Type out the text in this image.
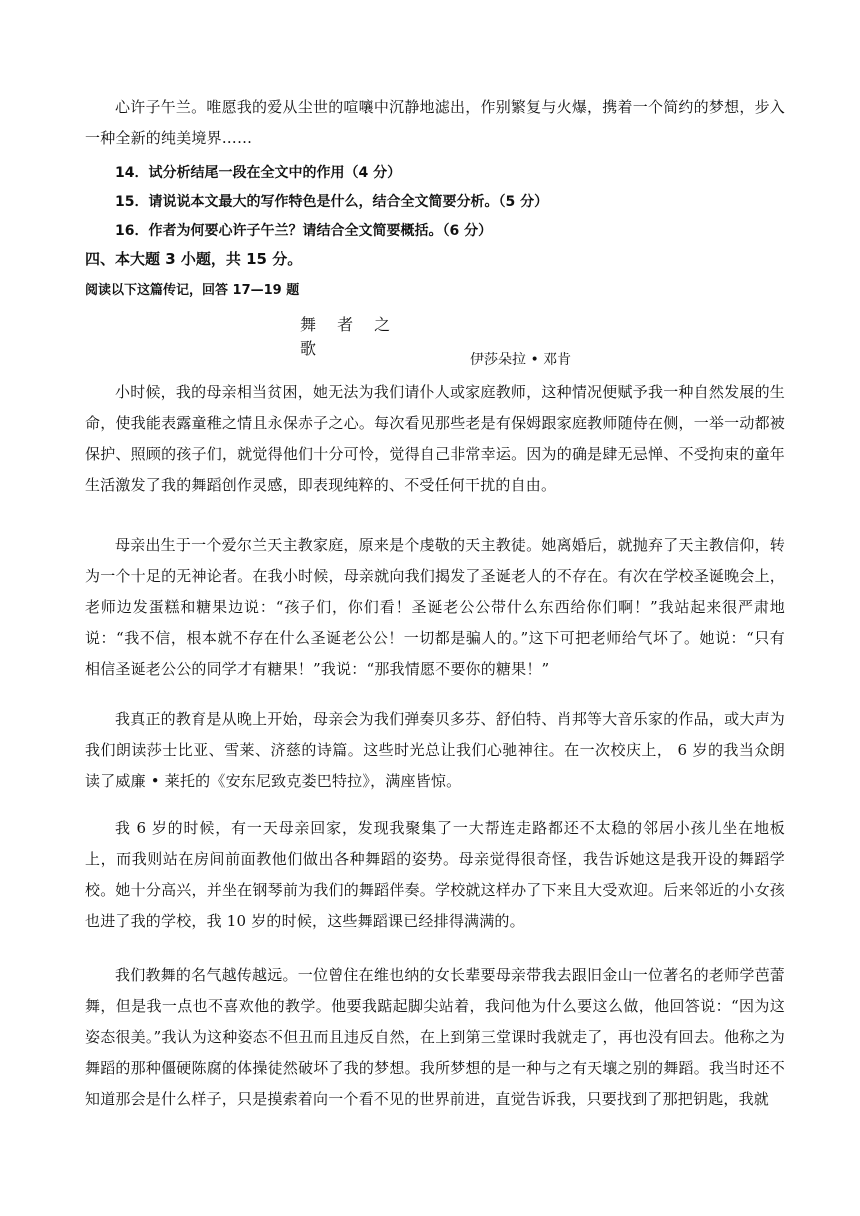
心许子午兰。唯愿我的爱从尘世的喧嚷中沉静地滤出，作别繁复与火爆，携着一个简约的梦想，步入一种全新的纯美境界……

14．试分析结尾一段在全文中的作用（4 分）

15．请说说本文最大的写作特色是什么，结合全文简要分析。（5 分）

16．作者为何要心许子午兰？请结合全文简要概括。（6 分）

四、本大题 3 小题，共 15 分。

阅读以下这篇传记，回答 17—19 题

舞 者 之 歌
伊莎朵拉 • 邓肯

小时候，我的母亲相当贫困，她无法为我们请仆人或家庭教师，这种情况便赋予我一种自然发展的生命，使我能表露童稚之情且永保赤子之心。每次看见那些老是有保姆跟家庭教师随侍在侧，一举一动都被保护、照顾的孩子们，就觉得他们十分可怜，觉得自己非常幸运。因为的确是肆无忌惮、不受拘束的童年生活激发了我的舞蹈创作灵感，即表现纯粹的、不受任何干扰的自由。

母亲出生于一个爱尔兰天主教家庭，原来是个虔敬的天主教徒。她离婚后，就抛弃了天主教信仰，转为一个十足的无神论者。在我小时候，母亲就向我们揭发了圣诞老人的不存在。有次在学校圣诞晚会上，老师边发蛋糕和糖果边说：“孩子们，你们看！圣诞老公公带什么东西给你们啊！”我站起来很严肃地说：“我不信，根本就不存在什么圣诞老公公！一切都是骗人的。”这下可把老师给气坏了。她说：“只有相信圣诞老公公的同学才有糖果！”我说：“那我情愿不要你的糖果！”

我真正的教育是从晚上开始，母亲会为我们弹奏贝多芬、舒伯特、肖邦等大音乐家的作品，或大声为我们朗读莎士比亚、雪莱、济慈的诗篇。这些时光总让我们心驰神往。在一次校庆上， 6 岁的我当众朗读了威廉 • 莱托的《安东尼致克娄巴特拉》，满座皆惊。

我 6 岁的时候，有一天母亲回家，发现我聚集了一大帮连走路都还不太稳的邻居小孩儿坐在地板上，而我则站在房间前面教他们做出各种舞蹈的姿势。母亲觉得很奇怪，我告诉她这是我开设的舞蹈学校。她十分高兴，并坐在钢琴前为我们的舞蹈伴奏。学校就这样办了下来且大受欢迎。后来邻近的小女孩也进了我的学校，我 10 岁的时候，这些舞蹈课已经排得满满的。

我们教舞的名气越传越远。一位曾住在维也纳的女长辈要母亲带我去跟旧金山一位著名的老师学芭蕾舞，但是我一点也不喜欢他的教学。他要我踮起脚尖站着，我问他为什么要这么做，他回答说：“因为这姿态很美。”我认为这种姿态不但丑而且违反自然，在上到第三堂课时我就走了，再也没有回去。他称之为舞蹈的那种僵硬陈腐的体操徒然破坏了我的梦想。我所梦想的是一种与之有天壤之别的舞蹈。我当时还不知道那会是什么样子，只是摸索着向一个看不见的世界前进，直觉告诉我，只要找到了那把钥匙，我就
